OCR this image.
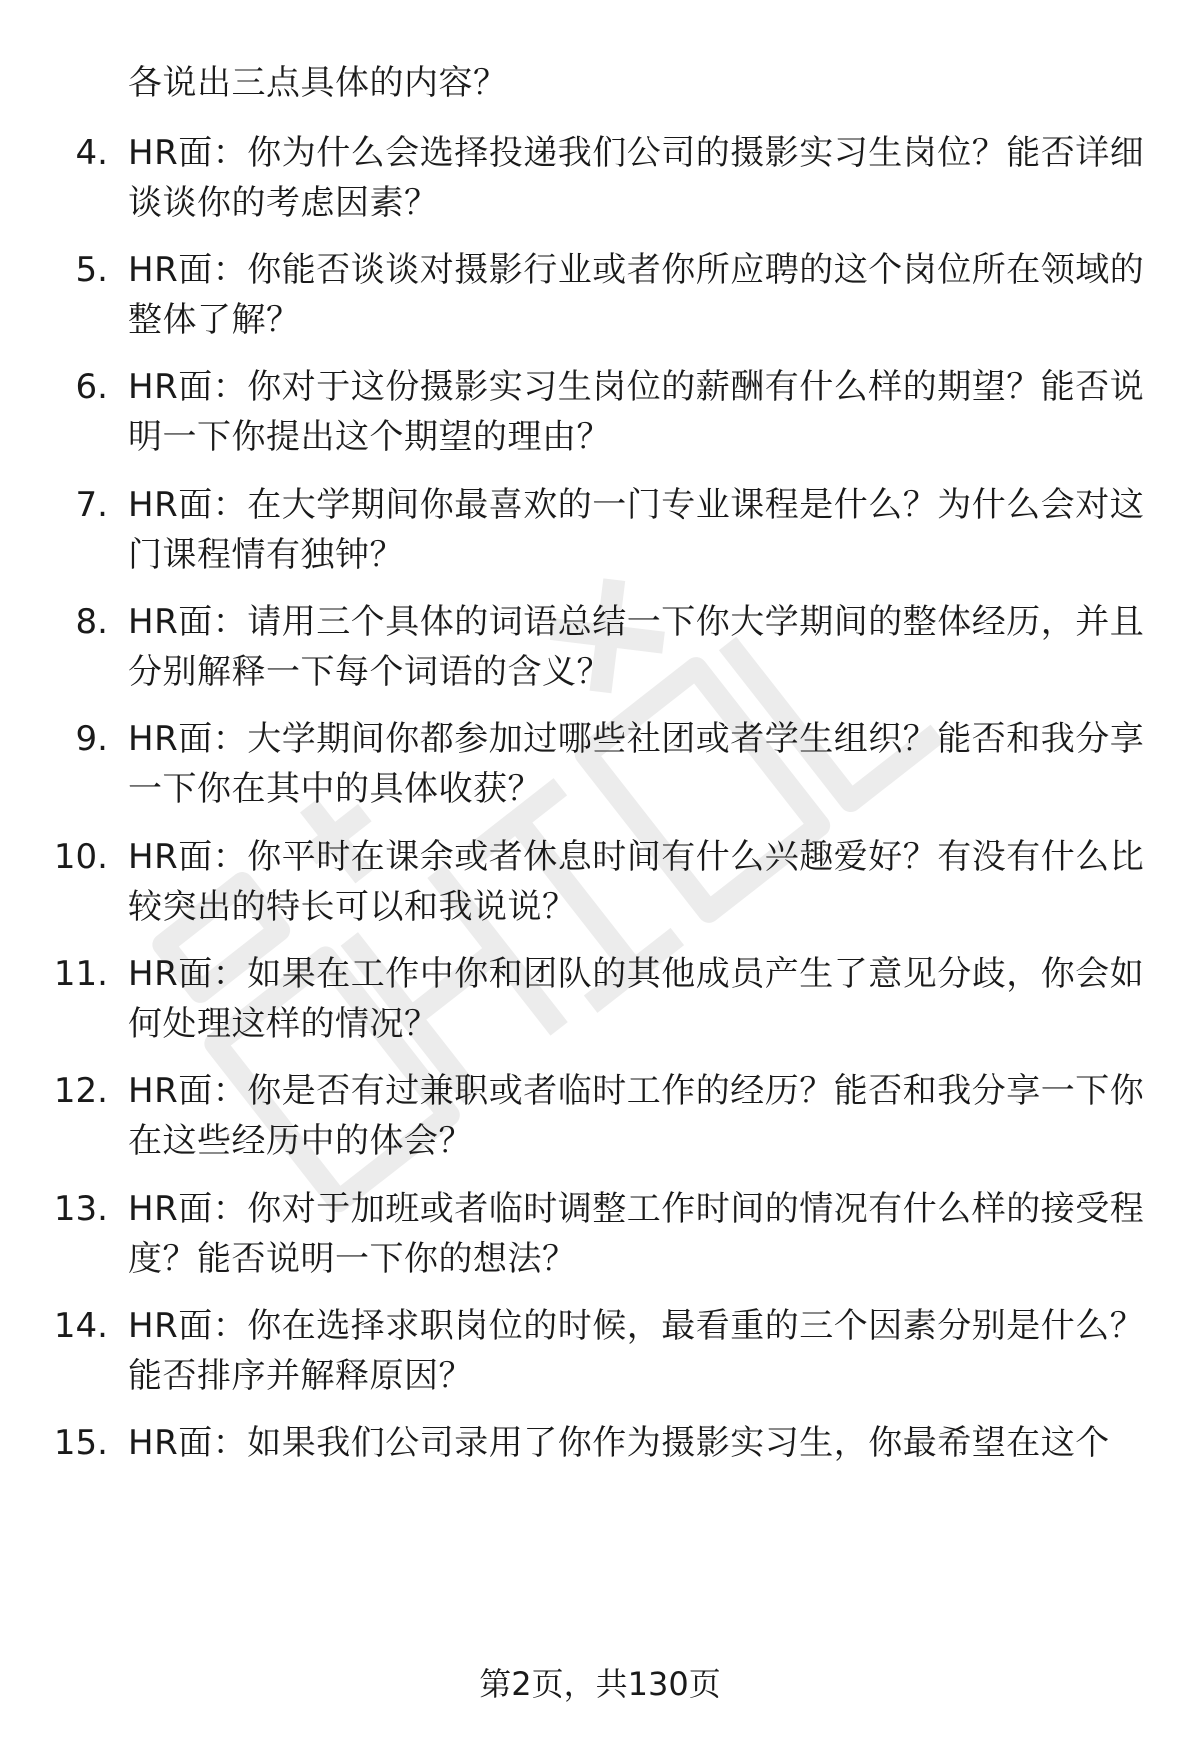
各说出三点具体的内容？
4. HR面：你为什么会选择投递我们公司的摄影实习生岗位？能否详细谈谈你的考虑因素？
5. HR面：你能否谈谈对摄影行业或者你所应聘的这个岗位所在领域的整体了解？
6. HR面：你对于这份摄影实习生岗位的薪酬有什么样的期望？能否说明一下你提出这个期望的理由？
7. HR面：在大学期间你最喜欢的一门专业课程是什么？为什么会对这门课程情有独钟？
8. HR面：请用三个具体的词语总结一下你大学期间的整体经历，并且分别解释一下每个词语的含义？
9. HR面：大学期间你都参加过哪些社团或者学生组织？能否和我分享一下你在其中的具体收获？
10. HR面：你平时在课余或者休息时间有什么兴趣爱好？有没有什么比较突出的特长可以和我说说？
11. HR面：如果在工作中你和团队的其他成员产生了意见分歧，你会如何处理这样的情况？
12. HR面：你是否有过兼职或者临时工作的经历？能否和我分享一下你在这些经历中的体会？
13. HR面：你对于加班或者临时调整工作时间的情况有什么样的接受程度？能否说明一下你的想法？
14. HR面：你在选择求职岗位的时候，最看重的三个因素分别是什么？能否排序并解释原因？
15. HR面：如果我们公司录用了你作为摄影实习生，你最希望在这个
第2页，共130页
